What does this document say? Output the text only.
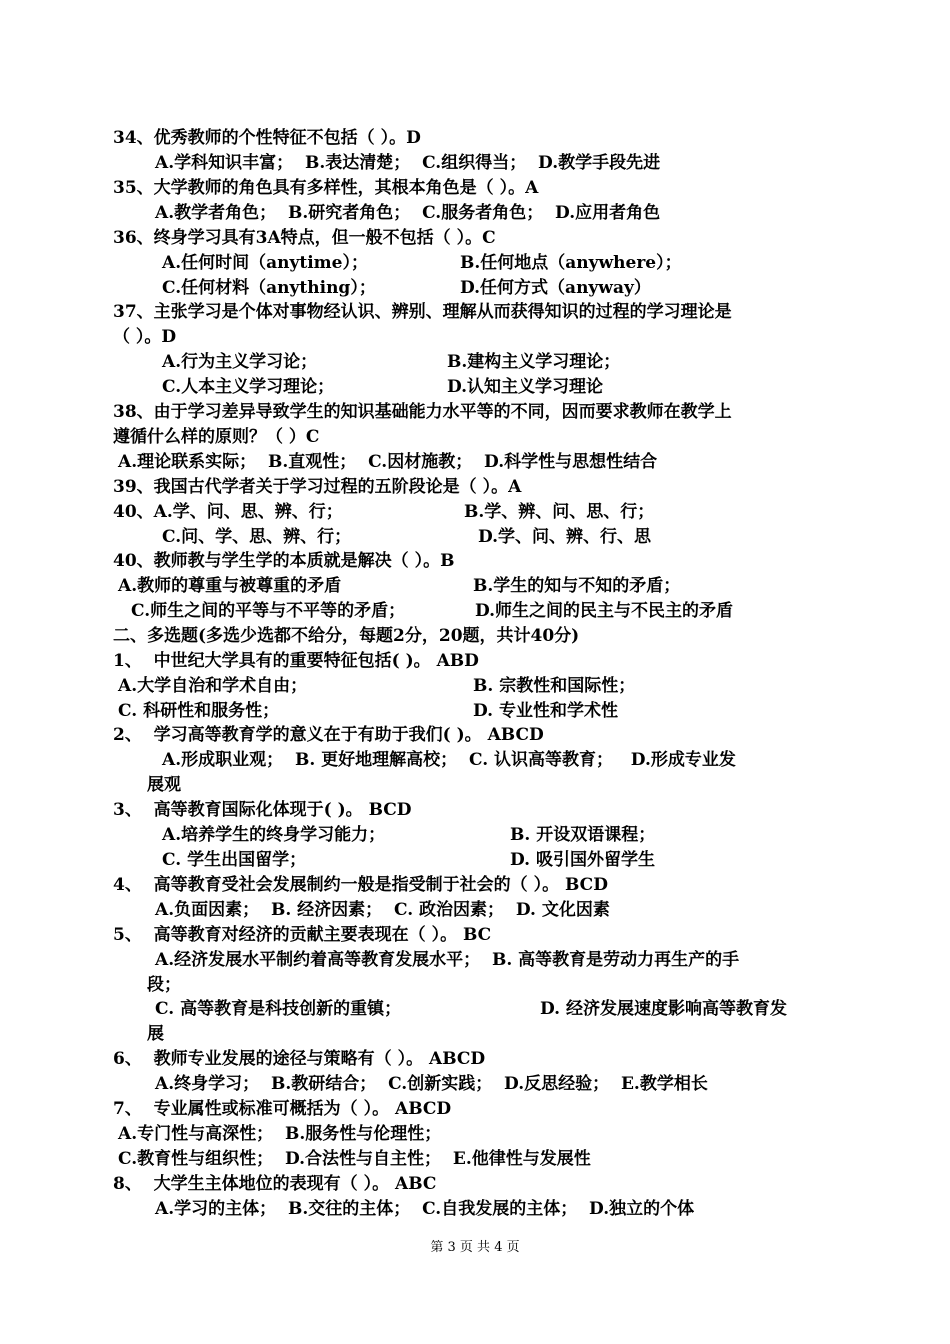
34、优秀教师的个性特征不包括（ ）。D
A.学科知识丰富；  B.表达清楚；  C.组织得当；  D.教学手段先进
35、大学教师的角色具有多样性，其根本角色是（ ）。A
A.教学者角色；  B.研究者角色；  C.服务者角色；  D.应用者角色
36、终身学习具有3A特点，但一般不包括（ ）。C
A.任何时间（anytime）；	B.任何地点（anywhere）；
C.任何材料（anything）；	D.任何方式（anyway）
37、主张学习是个体对事物经认识、辨别、理解从而获得知识的过程的学习理论是
（ ）。D
A.行为主义学习论；	B.建构主义学习理论；
C.人本主义学习理论；	D.认知主义学习理论
38、由于学习差异导致学生的知识基础能力水平等的不同，因而要求教师在教学上
遵循什么样的原则？（ ）C
A.理论联系实际；  B.直观性；  C.因材施教；  D.科学性与思想性结合
39、我国古代学者关于学习过程的五阶段论是（ ）。A
40、A.学、问、思、辨、行；	B.学、辨、问、思、行；
C.问、学、思、辨、行；	D.学、问、辨、行、思
40、教师教与学生学的本质就是解决（ ）。B
A.教师的尊重与被尊重的矛盾	B.学生的知与不知的矛盾；
C.师生之间的平等与不平等的矛盾；	D.师生之间的民主与不民主的矛盾
二、多选题(多选少选都不给分，每题2分，20题，共计40分)
1、  中世纪大学具有的重要特征包括( )。 ABD
A.大学自治和学术自由；	B. 宗教性和国际性；
C. 科研性和服务性；	D. 专业性和学术性
2、  学习高等教育学的意义在于有助于我们( )。 ABCD
A.形成职业观；  B. 更好地理解高校；  C. 认识高等教育；   D.形成专业发
展观
3、  高等教育国际化体现于( )。 BCD
A.培养学生的终身学习能力；	B. 开设双语课程；
C. 学生出国留学；	D. 吸引国外留学生
4、  高等教育受社会发展制约一般是指受制于社会的（ ）。 BCD
A.负面因素；  B. 经济因素；  C. 政治因素；  D. 文化因素
5、  高等教育对经济的贡献主要表现在（ ）。 BC
A.经济发展水平制约着高等教育发展水平；  B. 高等教育是劳动力再生产的手
段；
C. 高等教育是科技创新的重镇；	D. 经济发展速度影响高等教育发
展
6、  教师专业发展的途径与策略有（ ）。 ABCD
A.终身学习；  B.教研结合；  C.创新实践；  D.反思经验；  E.教学相长
7、  专业属性或标准可概括为（ ）。 ABCD
A.专门性与高深性；  B.服务性与伦理性；
C.教育性与组织性；  D.合法性与自主性；  E.他律性与发展性
8、  大学生主体地位的表现有（ ）。 ABC
A.学习的主体；  B.交往的主体；  C.自我发展的主体；  D.独立的个体
第 3 页 共 4 页
